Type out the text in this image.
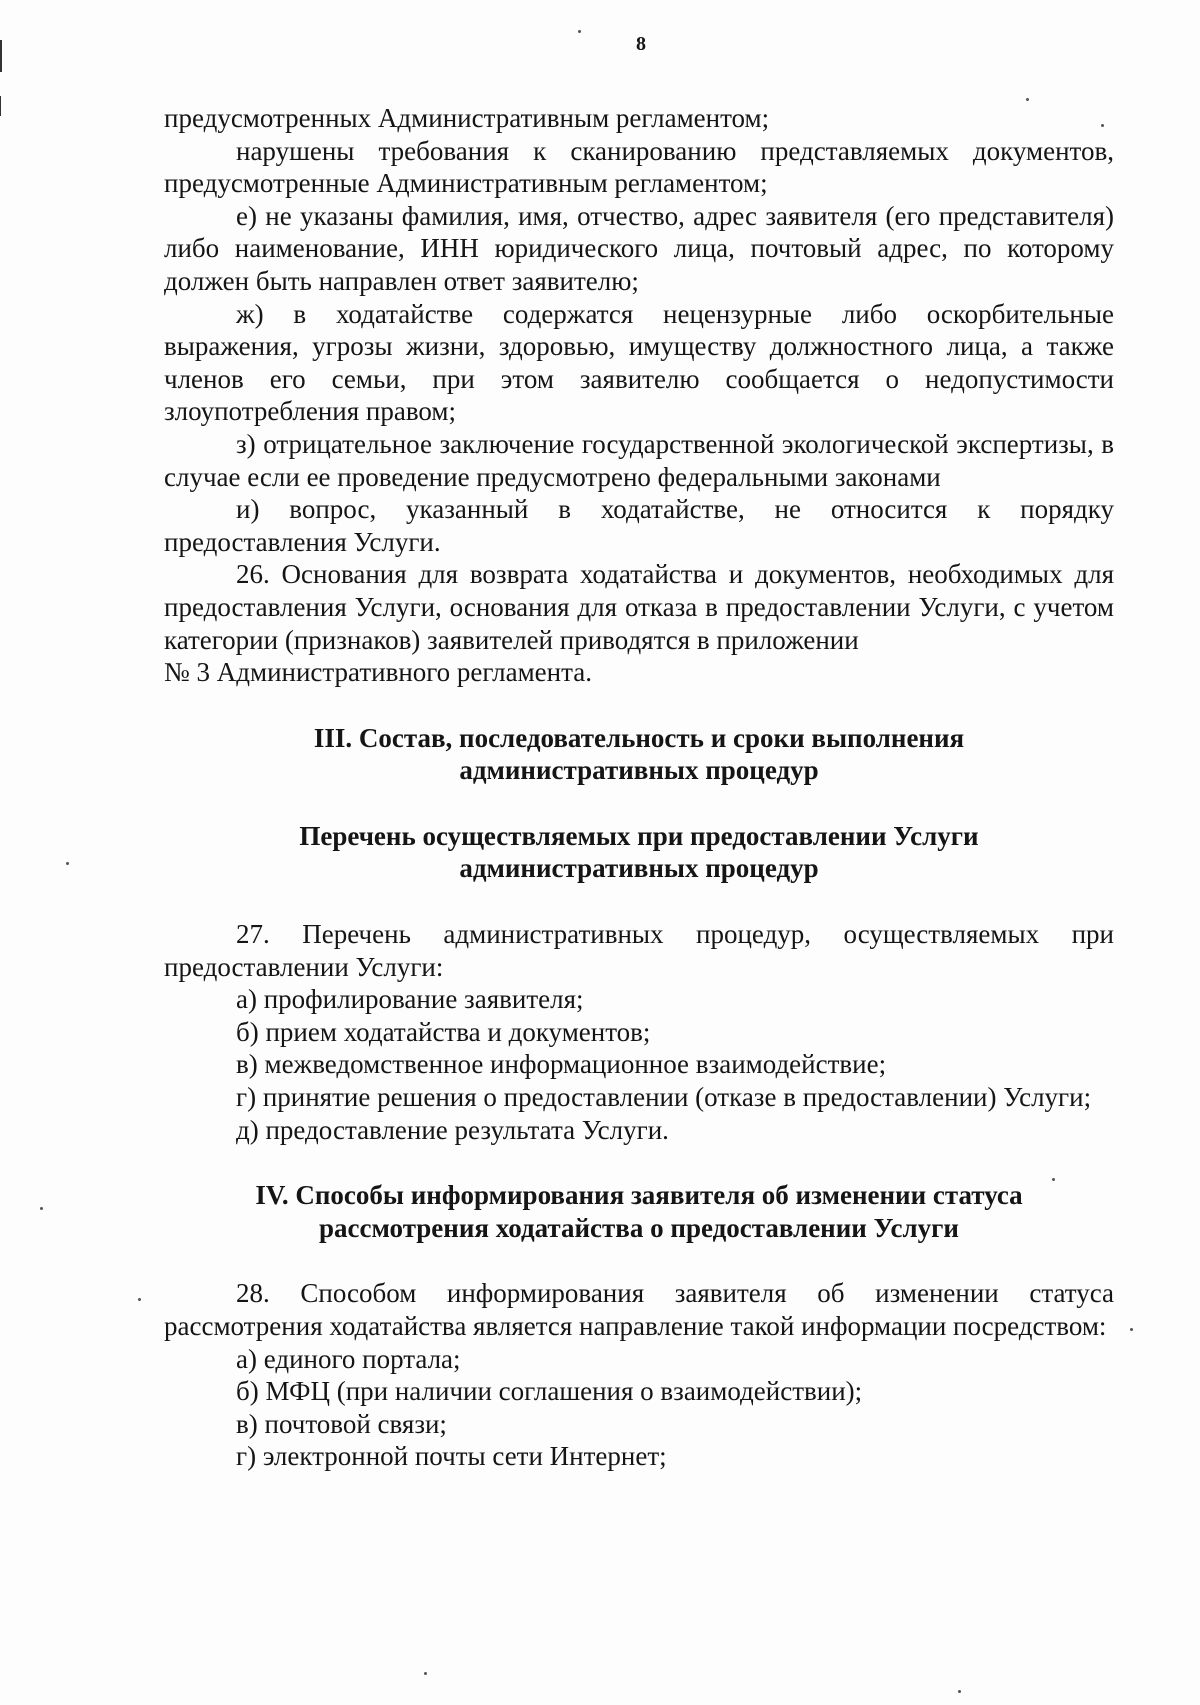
8

предусмотренных Административным регламентом;

нарушены требования к сканированию представляемых документов, предусмотренные Административным регламентом;

е) не указаны фамилия, имя, отчество, адрес заявителя (его представителя) либо наименование, ИНН юридического лица, почтовый адрес, по которому должен быть направлен ответ заявителю;

ж) в ходатайстве содержатся нецензурные либо оскорбительные выражения, угрозы жизни, здоровью, имуществу должностного лица, а также членов его семьи, при этом заявителю сообщается о недопустимости злоупотребления правом;

з) отрицательное заключение государственной экологической экспертизы, в случае если ее проведение предусмотрено федеральными законами

и) вопрос, указанный в ходатайстве, не относится к порядку предоставления Услуги.

26. Основания для возврата ходатайства и документов, необходимых для предоставления Услуги, основания для отказа в предоставлении Услуги, с учетом категории (признаков) заявителей приводятся в приложении

№ 3 Административного регламента.

III. Состав, последовательность и сроки выполнения
административных процедур

Перечень осуществляемых при предоставлении Услуги
административных процедур

27. Перечень административных процедур, осуществляемых при предоставлении Услуги:

а) профилирование заявителя;

б) прием ходатайства и документов;

в) межведомственное информационное взаимодействие;

г) принятие решения о предоставлении (отказе в предоставлении) Услуги;

д) предоставление результата Услуги.

IV. Способы информирования заявителя об изменении статуса
рассмотрения ходатайства о предоставлении Услуги

28. Способом информирования заявителя об изменении статуса рассмотрения ходатайства является направление такой информации посредством:

а) единого портала;

б) МФЦ (при наличии соглашения о взаимодействии);

в) почтовой связи;

г) электронной почты сети Интернет;
